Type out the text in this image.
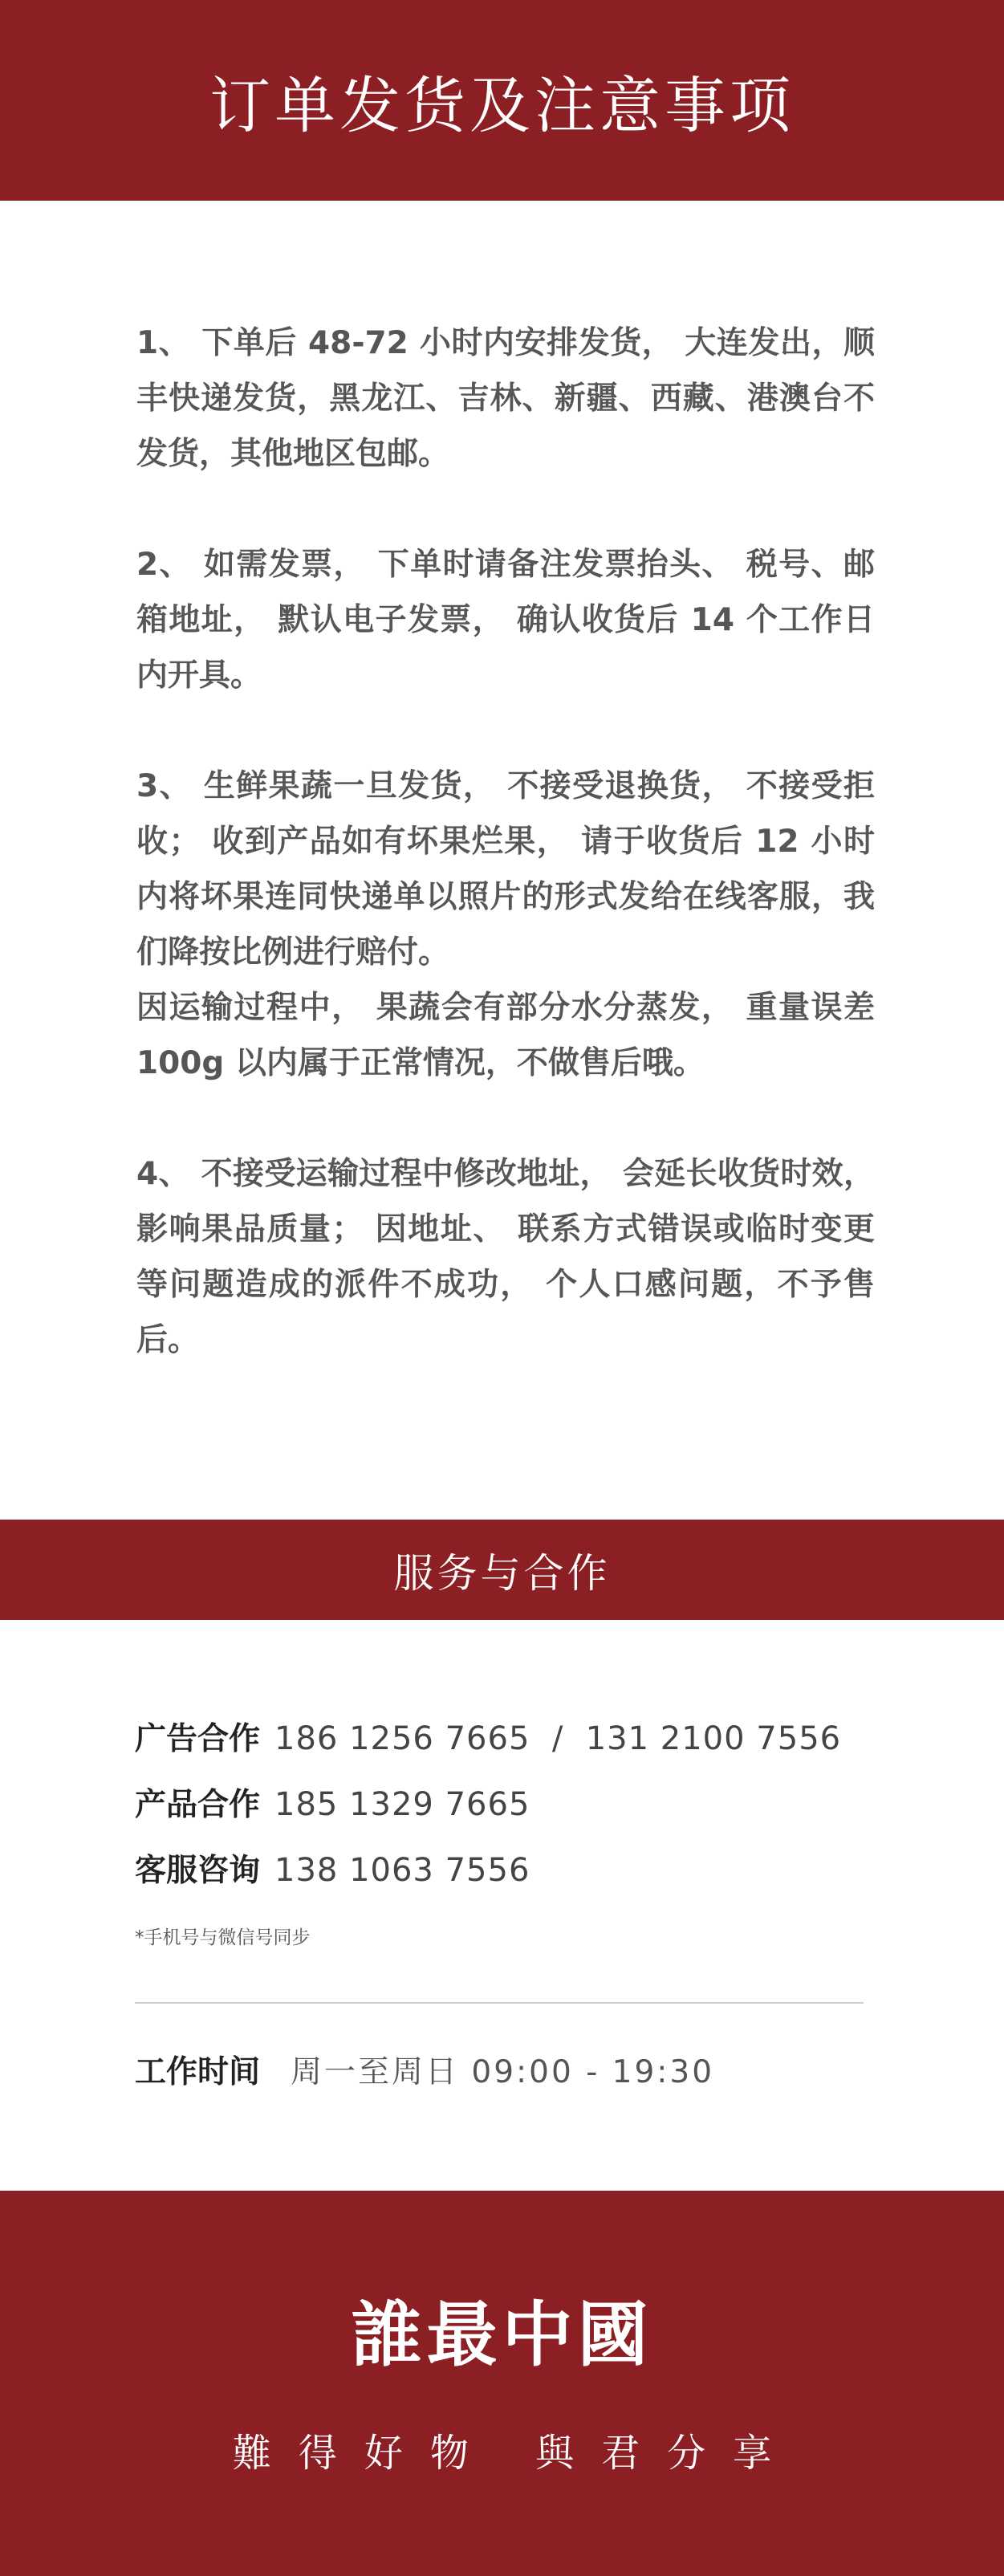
订单发货及注意事项

1、 下单后 48-72 小时内安排发货， 大连发出，顺丰快递发货，黑龙江、吉林、新疆、西藏、港澳台不发货，其他地区包邮。

2、 如需发票， 下单时请备注发票抬头、 税号、邮箱地址， 默认电子发票， 确认收货后 14 个工作日内开具。

3、 生鲜果蔬一旦发货， 不接受退换货， 不接受拒收； 收到产品如有坏果烂果， 请于收货后 12 小时内将坏果连同快递单以照片的形式发给在线客服，我们降按比例进行赔付。

因运输过程中， 果蔬会有部分水分蒸发， 重量误差 100g 以内属于正常情况，不做售后哦。

4、 不接受运输过程中修改地址， 会延长收货时效， 影响果品质量； 因地址、 联系方式错误或临时变更等问题造成的派件不成功， 个人口感问题，不予售后。

服务与合作
广告合作 186 1256 7665  /  131 2100 7556
产品合作 185 1329 7665
客服咨询 138 1063 7556
*手机号与微信号同步
工作时间 周一至周日 09:00 - 19:30
誰最中國
難得好物 與君分享
